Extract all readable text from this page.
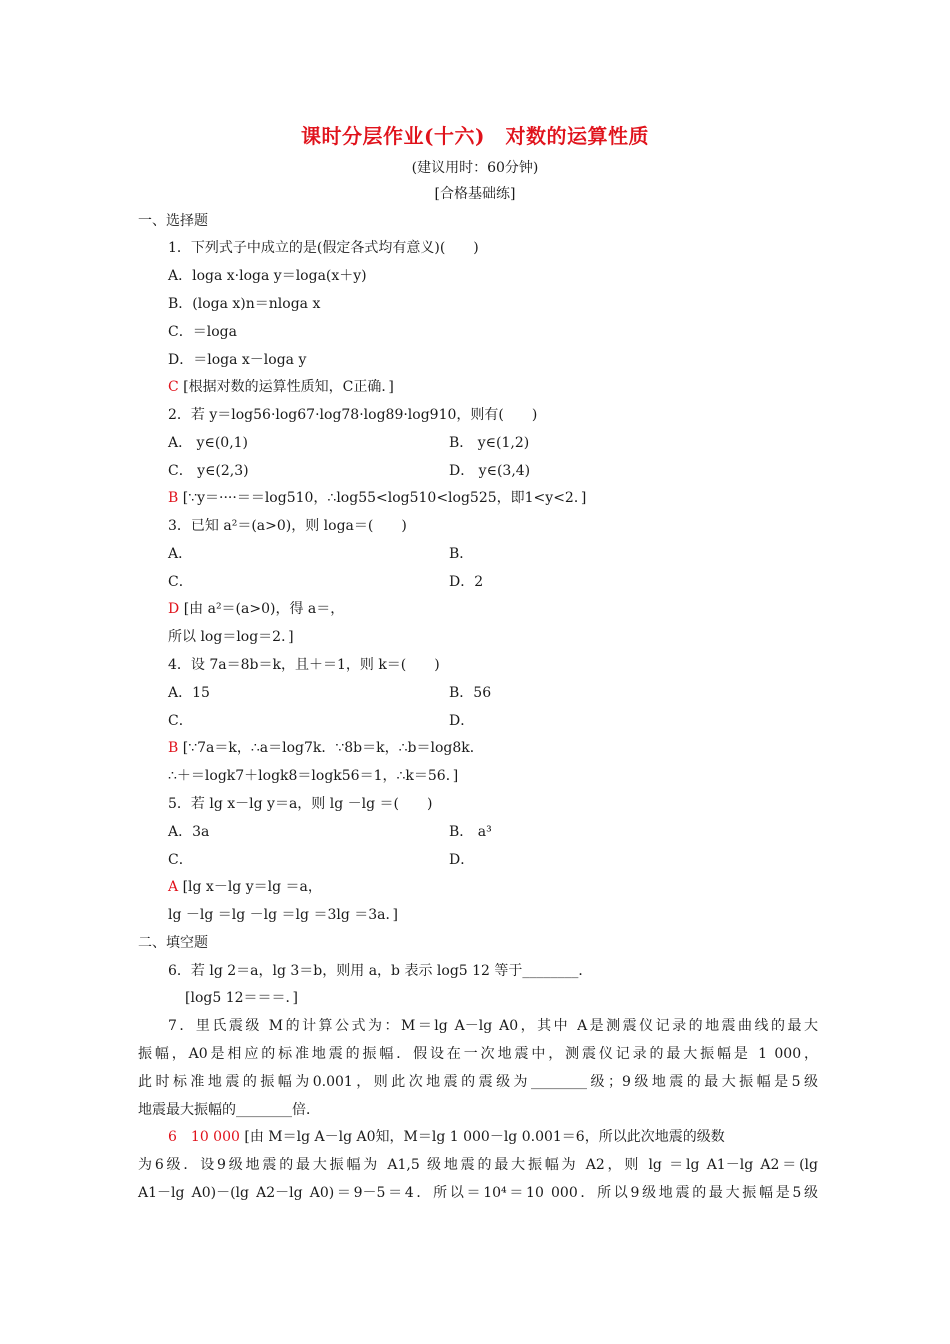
课时分层作业(十六)　对数的运算性质
(建议用时：60分钟)
[合格基础练]
一、选择题
1．下列式子中成立的是(假定各式均有意义)(　　)
A．loga x·loga y＝loga(x＋y)
B．(loga x)n＝nloga x
C．＝loga
D．＝loga x－loga y
C [根据对数的运算性质知，C正确．]
2．若 y＝log56·log67·log78·log89·log910，则有(　　)
A． y∈(0,1)	B． y∈(1,2)
C． y∈(2,3)	D． y∈(3,4)
B [∵y＝····＝＝log510，∴log55<log510<log525，即1<y<2．]
3．已知 a²＝(a>0)，则 loga＝(　　)
A．	B．
C．	D．2
D [由 a²＝(a>0)，得 a＝，
所以 log＝log＝2．]
4．设 7a＝8b＝k，且＋＝1，则 k＝(　　)
A．15	B．56
C．	D．
B [∵7a＝k，∴a＝log7k．∵8b＝k，∴b＝log8k．
∴＋＝logk7＋logk8＝logk56＝1，∴k＝56．]
5．若 lg x－lg y＝a，则 lg －lg ＝(　　)
A．3a	B． a³
C．	D．
A [lg x－lg y＝lg ＝a，
lg －lg ＝lg －lg ＝lg ＝3lg ＝3a．]
二、填空题
6．若 lg 2＝a，lg 3＝b，则用 a，b 表示 log5 12 等于________．
[log5 12＝＝＝．]
7．里氏震级 M的计算公式为：M＝lg A－lg A0，其中 A是测震仪记录的地震曲线的最大
振幅，A0是相应的标准地震的振幅．假设在一次地震中，测震仪记录的最大振幅是 1 000，
此时标准地震的振幅为0.001，则此次地震的震级为________级；9级地震的最大振幅是5级
地震最大振幅的________倍．
6　10 000 [由 M＝lg A－lg A0知，M＝lg 1 000－lg 0.001＝6，所以此次地震的级数
为6级．设9级地震的最大振幅为 A1,5 级地震的最大振幅为 A2，则 lg ＝lg A1－lg A2＝(lg
A1－lg A0)－(lg A2－lg A0)＝9－5＝4．所以＝10⁴＝10 000．所以9级地震的最大振幅是5级
